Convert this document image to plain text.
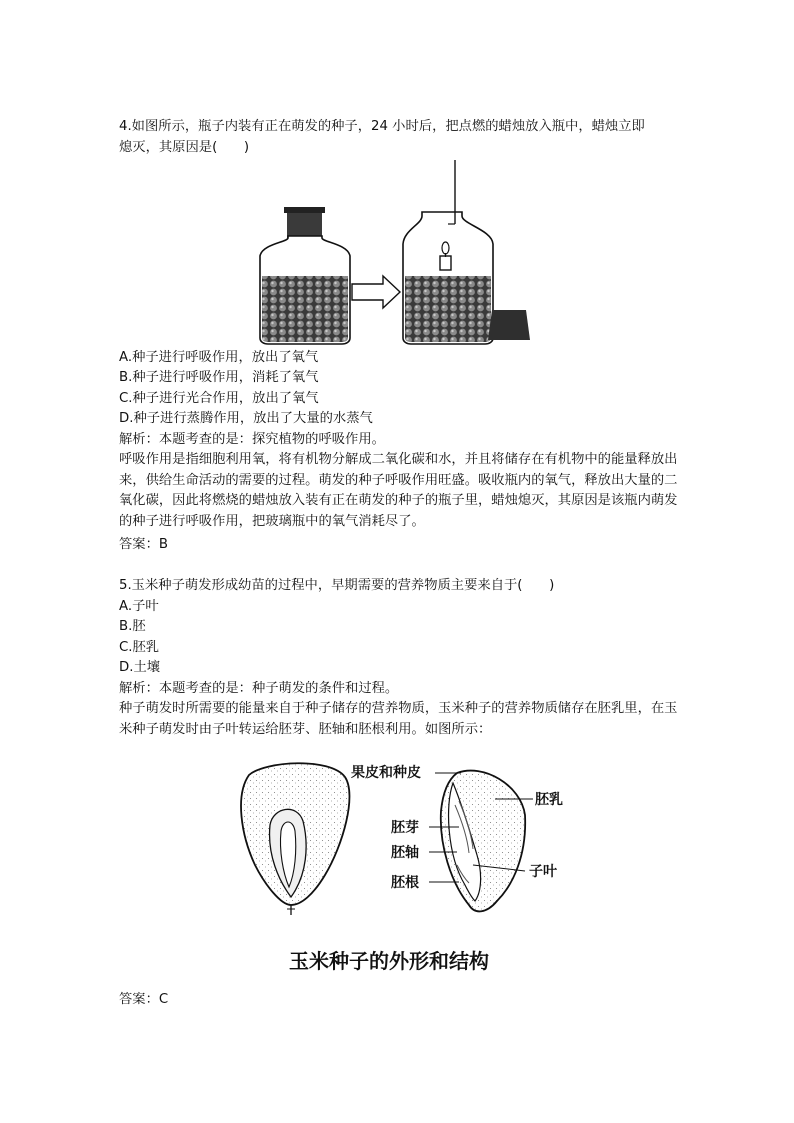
4.如图所示，瓶子内装有正在萌发的种子，24 小时后，把点燃的蜡烛放入瓶中，蜡烛立即
熄灭，其原因是(　　)
A.种子进行呼吸作用，放出了氧气
B.种子进行呼吸作用，消耗了氧气
C.种子进行光合作用，放出了氧气
D.种子进行蒸腾作用，放出了大量的水蒸气
解析：本题考查的是：探究植物的呼吸作用。
呼吸作用是指细胞利用氧，将有机物分解成二氧化碳和水，并且将储存在有机物中的能量释放出来，供给生命活动的需要的过程。萌发的种子呼吸作用旺盛。吸收瓶内的氧气，释放出大量的二氧化碳，因此将燃烧的蜡烛放入装有正在萌发的种子的瓶子里，蜡烛熄灭，其原因是该瓶内萌发的种子进行呼吸作用，把玻璃瓶中的氧气消耗尽了。
答案：B
5.玉米种子萌发形成幼苗的过程中，早期需要的营养物质主要来自于(　　)
A.子叶
B.胚
C.胚乳
D.土壤
解析：本题考查的是：种子萌发的条件和过程。
种子萌发时所需要的能量来自于种子储存的营养物质，玉米种子的营养物质储存在胚乳里，在玉米种子萌发时由子叶转运给胚芽、胚轴和胚根利用。如图所示：
果皮和种皮
胚乳
胚芽
胚轴
子叶
胚根
玉米种子的外形和结构
答案：C
